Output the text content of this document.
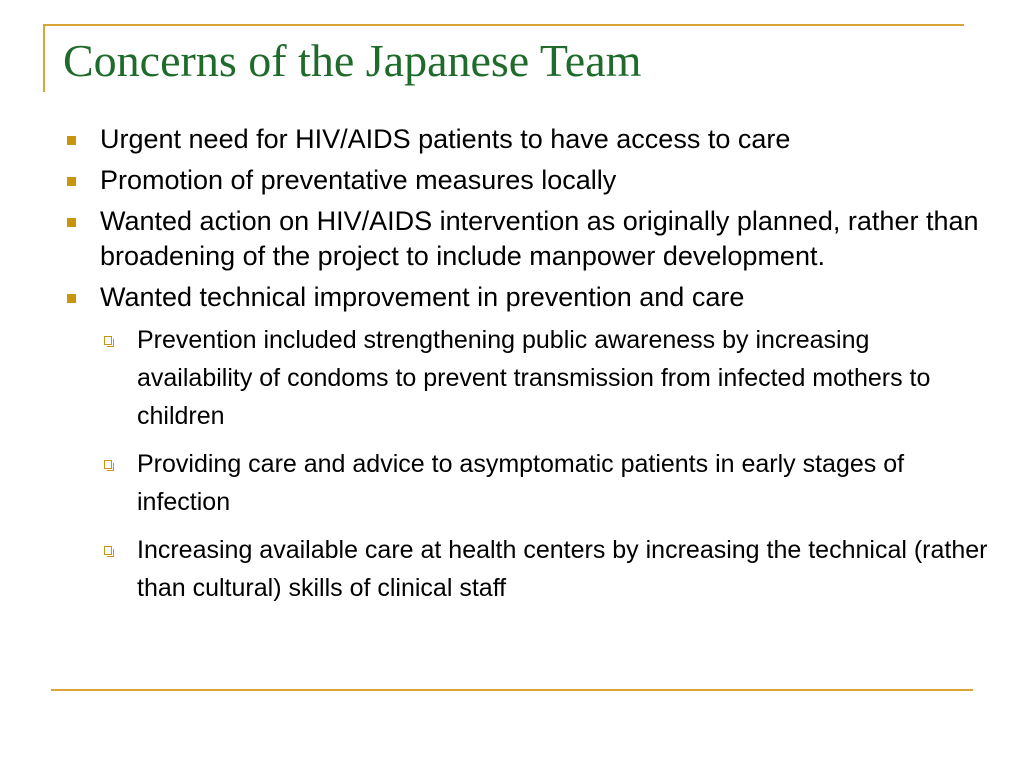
Concerns of the Japanese Team
Urgent need for HIV/AIDS patients to have access to care
Promotion of preventative measures locally
Wanted action on HIV/AIDS intervention as originally planned, rather than broadening of the project to include manpower development.
Wanted technical improvement in prevention and care
Prevention included strengthening public awareness by increasing availability of condoms to prevent transmission from infected mothers to children
Providing care and advice to asymptomatic patients in early stages of infection
Increasing available care at health centers by increasing the technical (rather than cultural) skills of clinical staff
